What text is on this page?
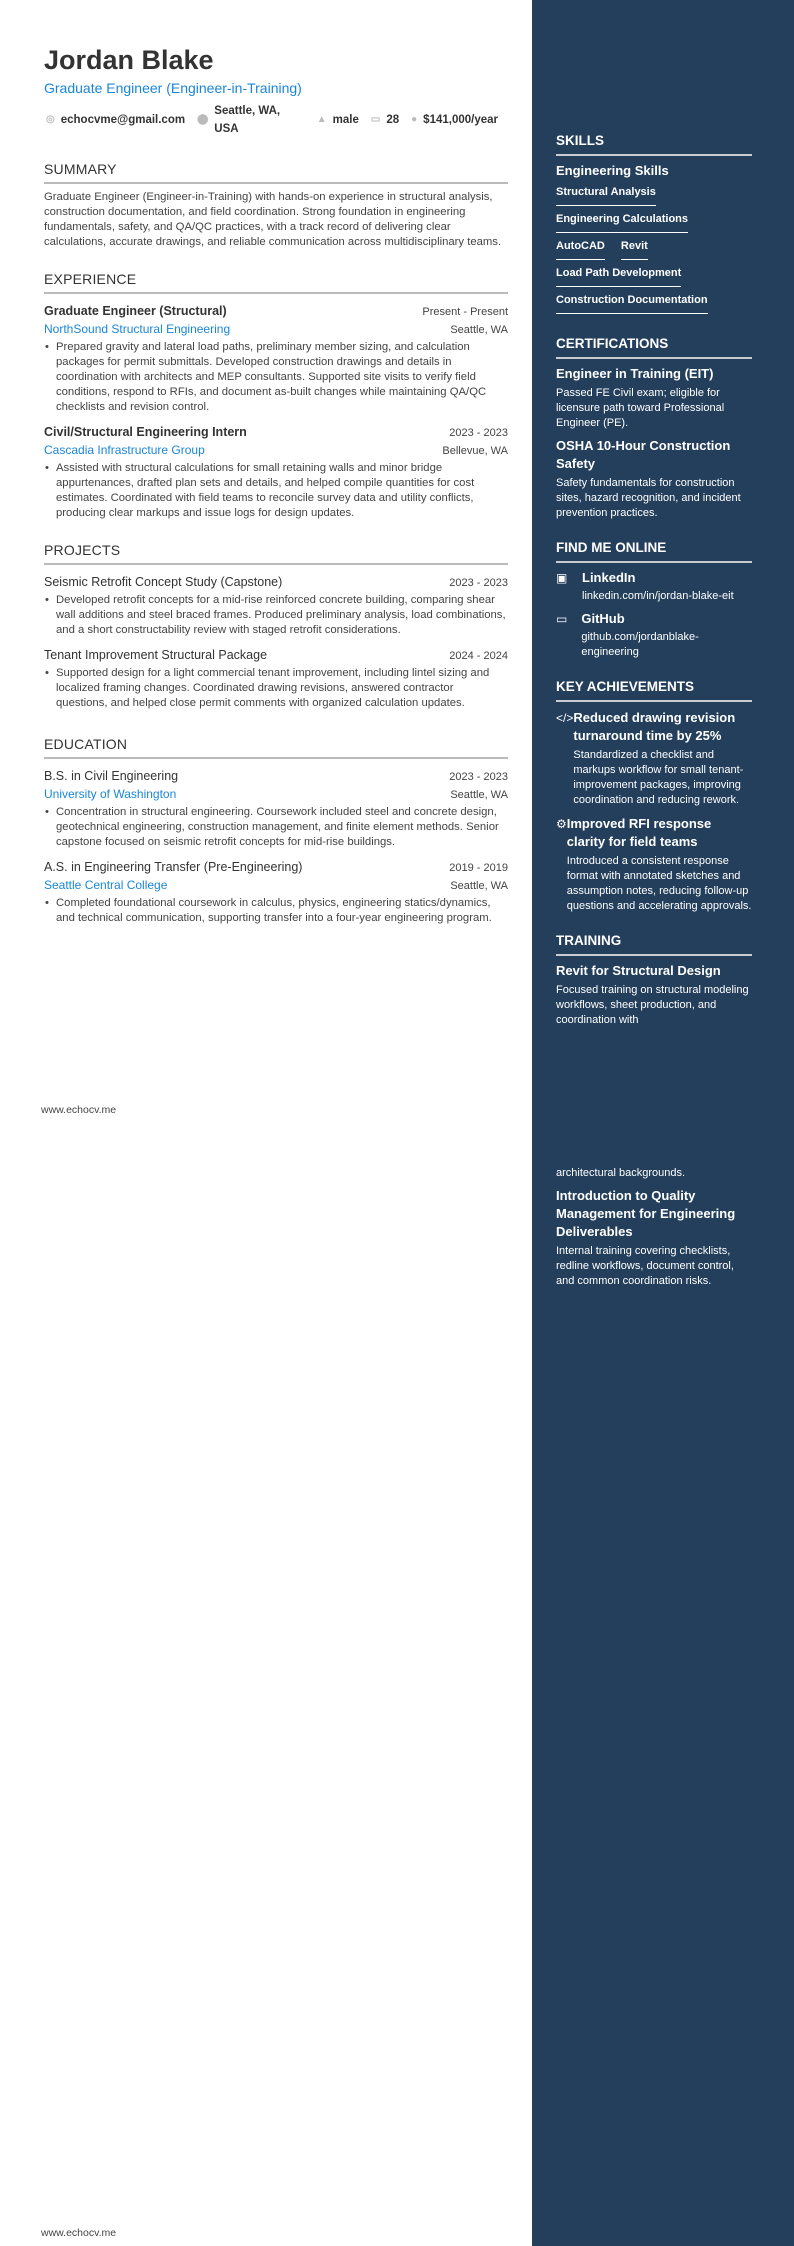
Jordan Blake
Graduate Engineer (Engineer-in-Training)
◎ echocvme@gmail.com ⬤
Seattle, WA, USA
▲ male ▭ 28 ● $141,000/year
SUMMARY
Graduate Engineer (Engineer-in-Training) with hands-on experience in structural analysis, construction documentation, and field coordination. Strong foundation in engineering fundamentals, safety, and QA/QC practices, with a track record of delivering clear calculations, accurate drawings, and reliable communication across multidisciplinary teams.
EXPERIENCE
Graduate Engineer (Structural)	Present - Present
NorthSound Structural Engineering	Seattle, WA
• Prepared gravity and lateral load paths, preliminary member sizing, and calculation packages for permit submittals. Developed construction drawings and details in coordination with architects and MEP consultants. Supported site visits to verify field conditions, respond to RFIs, and document as-built changes while maintaining QA/QC checklists and revision control.
Civil/Structural Engineering Intern	2023 - 2023
Cascadia Infrastructure Group	Bellevue, WA
• Assisted with structural calculations for small retaining walls and minor bridge appurtenances, drafted plan sets and details, and helped compile quantities for cost estimates. Coordinated with field teams to reconcile survey data and utility conflicts, producing clear markups and issue logs for design updates.
PROJECTS
Seismic Retrofit Concept Study (Capstone)	2023 - 2023
• Developed retrofit concepts for a mid-rise reinforced concrete building, comparing shear wall additions and steel braced frames. Produced preliminary analysis, load combinations, and a short constructability review with staged retrofit considerations.
Tenant Improvement Structural Package	2024 - 2024
• Supported design for a light commercial tenant improvement, including lintel sizing and localized framing changes. Coordinated drawing revisions, answered contractor questions, and helped close permit comments with organized calculation updates.
EDUCATION
B.S. in Civil Engineering	2023 - 2023
University of Washington	Seattle, WA
• Concentration in structural engineering. Coursework included steel and concrete design, geotechnical engineering, construction management, and finite element methods. Senior capstone focused on seismic retrofit concepts for mid-rise buildings.
A.S. in Engineering Transfer (Pre-Engineering)	2019 - 2019
Seattle Central College	Seattle, WA
• Completed foundational coursework in calculus, physics, engineering statics/dynamics, and technical communication, supporting transfer into a four-year engineering program.
www.echocv.me
www.echocv.me
SKILLS
Engineering Skills
Structural Analysis
Engineering Calculations
AutoCAD Revit
Load Path Development
Construction Documentation
CERTIFICATIONS
Engineer in Training (EIT)
Passed FE Civil exam; eligible for licensure path toward Professional Engineer (PE).
OSHA 10-Hour Construction Safety
Safety fundamentals for construction sites, hazard recognition, and incident prevention practices.
FIND ME ONLINE
▣	LinkedIn
linkedin.com/in/jordan-blake-eit
▭	GitHub
github.com/jordanblake-engineering
KEY ACHIEVEMENTS
</> Reduced drawing revision turnaround time by 25%
Standardized a checklist and markups workflow for small tenant-improvement packages, improving coordination and reducing rework.
⚙ Improved RFI response clarity for field teams
Introduced a consistent response format with annotated sketches and assumption notes, reducing follow-up questions and accelerating approvals.
TRAINING
Revit for Structural Design
Focused training on structural modeling workflows, sheet production, and coordination with
architectural backgrounds.
Introduction to Quality Management for Engineering Deliverables
Internal training covering checklists, redline workflows, document control, and common coordination risks.
